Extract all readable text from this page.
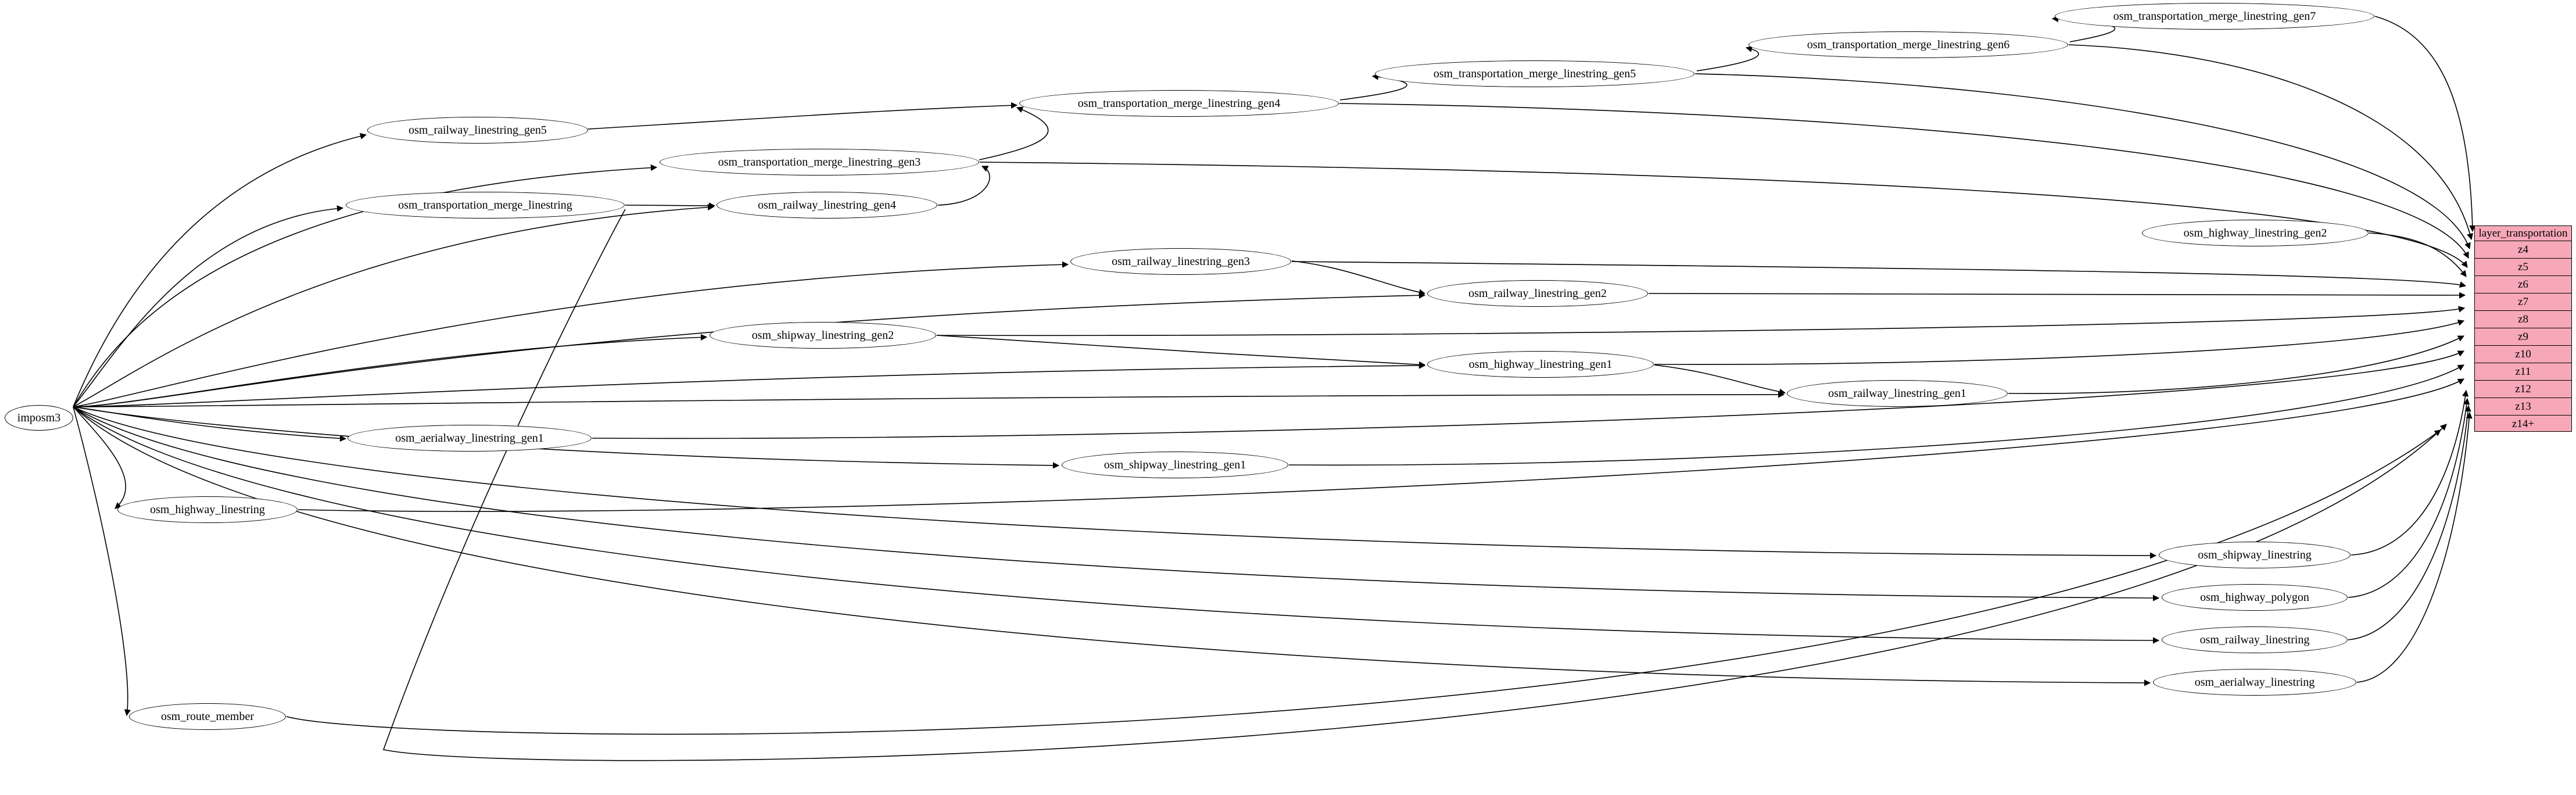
imposm3
osm_transportation_merge_linestring_gen7
osm_transportation_merge_linestring_gen6
osm_transportation_merge_linestring_gen5
osm_transportation_merge_linestring_gen4
osm_railway_linestring_gen5
osm_transportation_merge_linestring_gen3
osm_railway_linestring_gen4
osm_transportation_merge_linestring
osm_highway_linestring_gen2
osm_railway_linestring_gen3
osm_railway_linestring_gen2
osm_shipway_linestring_gen2
osm_highway_linestring_gen1
osm_railway_linestring_gen1
osm_aerialway_linestring_gen1
osm_shipway_linestring_gen1
osm_highway_linestring
osm_shipway_linestring
osm_highway_polygon
osm_railway_linestring
osm_aerialway_linestring
osm_route_member
layer_transportation
z4
z5
z6
z7
z8
z9
z10
z11
z12
z13
z14+
